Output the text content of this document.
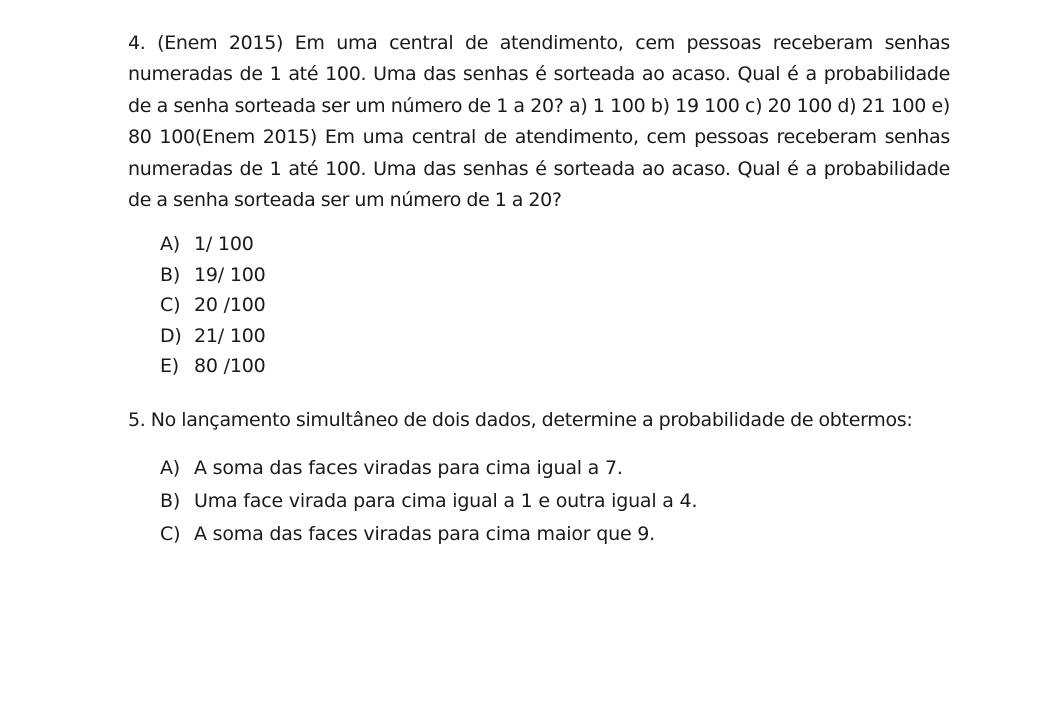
4. (Enem 2015) Em uma central de atendimento, cem pessoas receberam senhas numeradas de 1 até 100. Uma das senhas é sorteada ao acaso. Qual é a probabilidade de a senha sorteada ser um número de 1 a 20? a) 1 100 b) 19 100 c) 20 100 d) 21 100 e) 80 100(Enem 2015) Em uma central de atendimento, cem pessoas receberam senhas numeradas de 1 até 100. Uma das senhas é sorteada ao acaso. Qual é a probabilidade de a senha sorteada ser um número de 1 a 20?

A) 1/ 100
B) 19/ 100
C) 20 /100
D) 21/ 100
E) 80 /100

5. No lançamento simultâneo de dois dados, determine a probabilidade de obtermos:

A) A soma das faces viradas para cima igual a 7.
B) Uma face virada para cima igual a 1 e outra igual a 4.
C) A soma das faces viradas para cima maior que 9.
